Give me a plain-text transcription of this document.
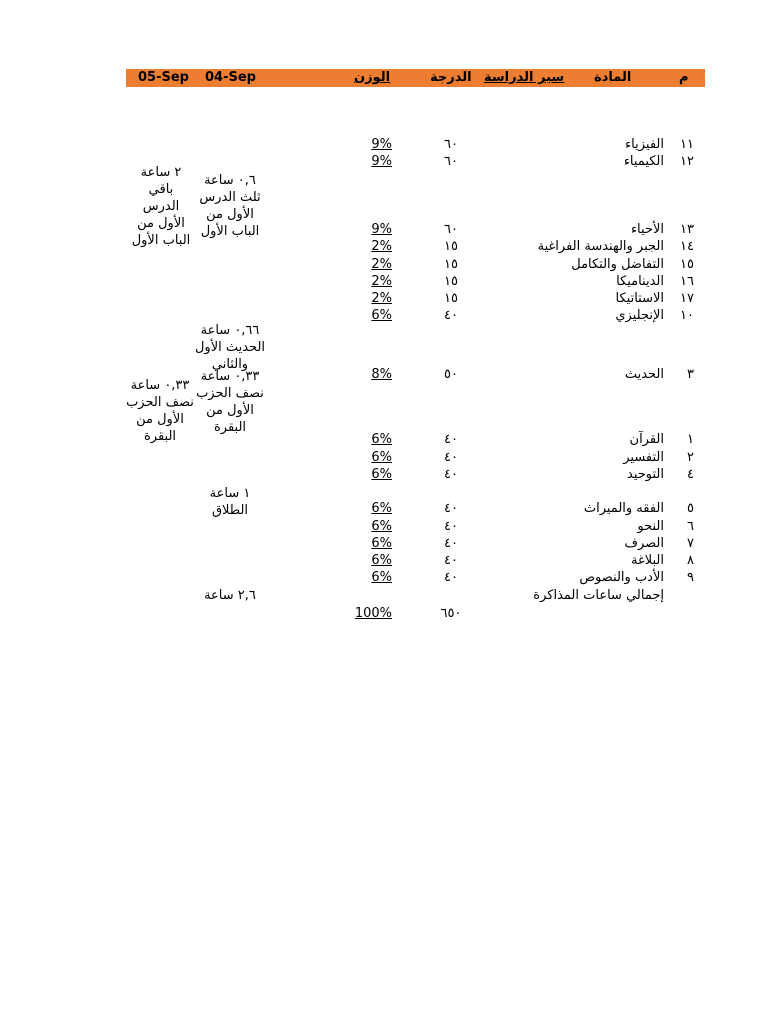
م
المادة
سير الدراسة
الدرجة
الوزن
04-Sep
05-Sep
١١
الفيزياء
٦٠
9%
١٢
الكيمياء
٦٠
9%
١٣
الأحياء
٦٠
9%
١٤
الجبر والهندسة الفراغية
١٥
2%
١٥
التفاضل والتكامل
١٥
2%
١٦
الديناميكا
١٥
2%
١٧
الاستاتيكا
١٥
2%
١٠
الإنجليزي
٤٠
6%
٣
الحديث
٥٠
8%
١
القرآن
٤٠
6%
٢
التفسير
٤٠
6%
٤
التوحيد
٤٠
6%
٥
الفقه والميراث
٤٠
6%
٦
النحو
٤٠
6%
٧
الصرف
٤٠
6%
٨
البلاغة
٤٠
6%
٩
الأدب والنصوص
٤٠
6%
إجمالي ساعات المذاكرة
٢,٦ ساعة
٦٥٠
100%
٠,٦ ساعة ثلث الدرس الأول من الباب الأول
٢ ساعة باقي الدرس الأول من الباب الأول
٠,٦٦ ساعة الحديث الأول والثاني
٠,٣٣ ساعة نصف الحزب الأول من البقرة
٠,٣٣ ساعة نصف الحزب الأول من البقرة
١ ساعة الطلاق
